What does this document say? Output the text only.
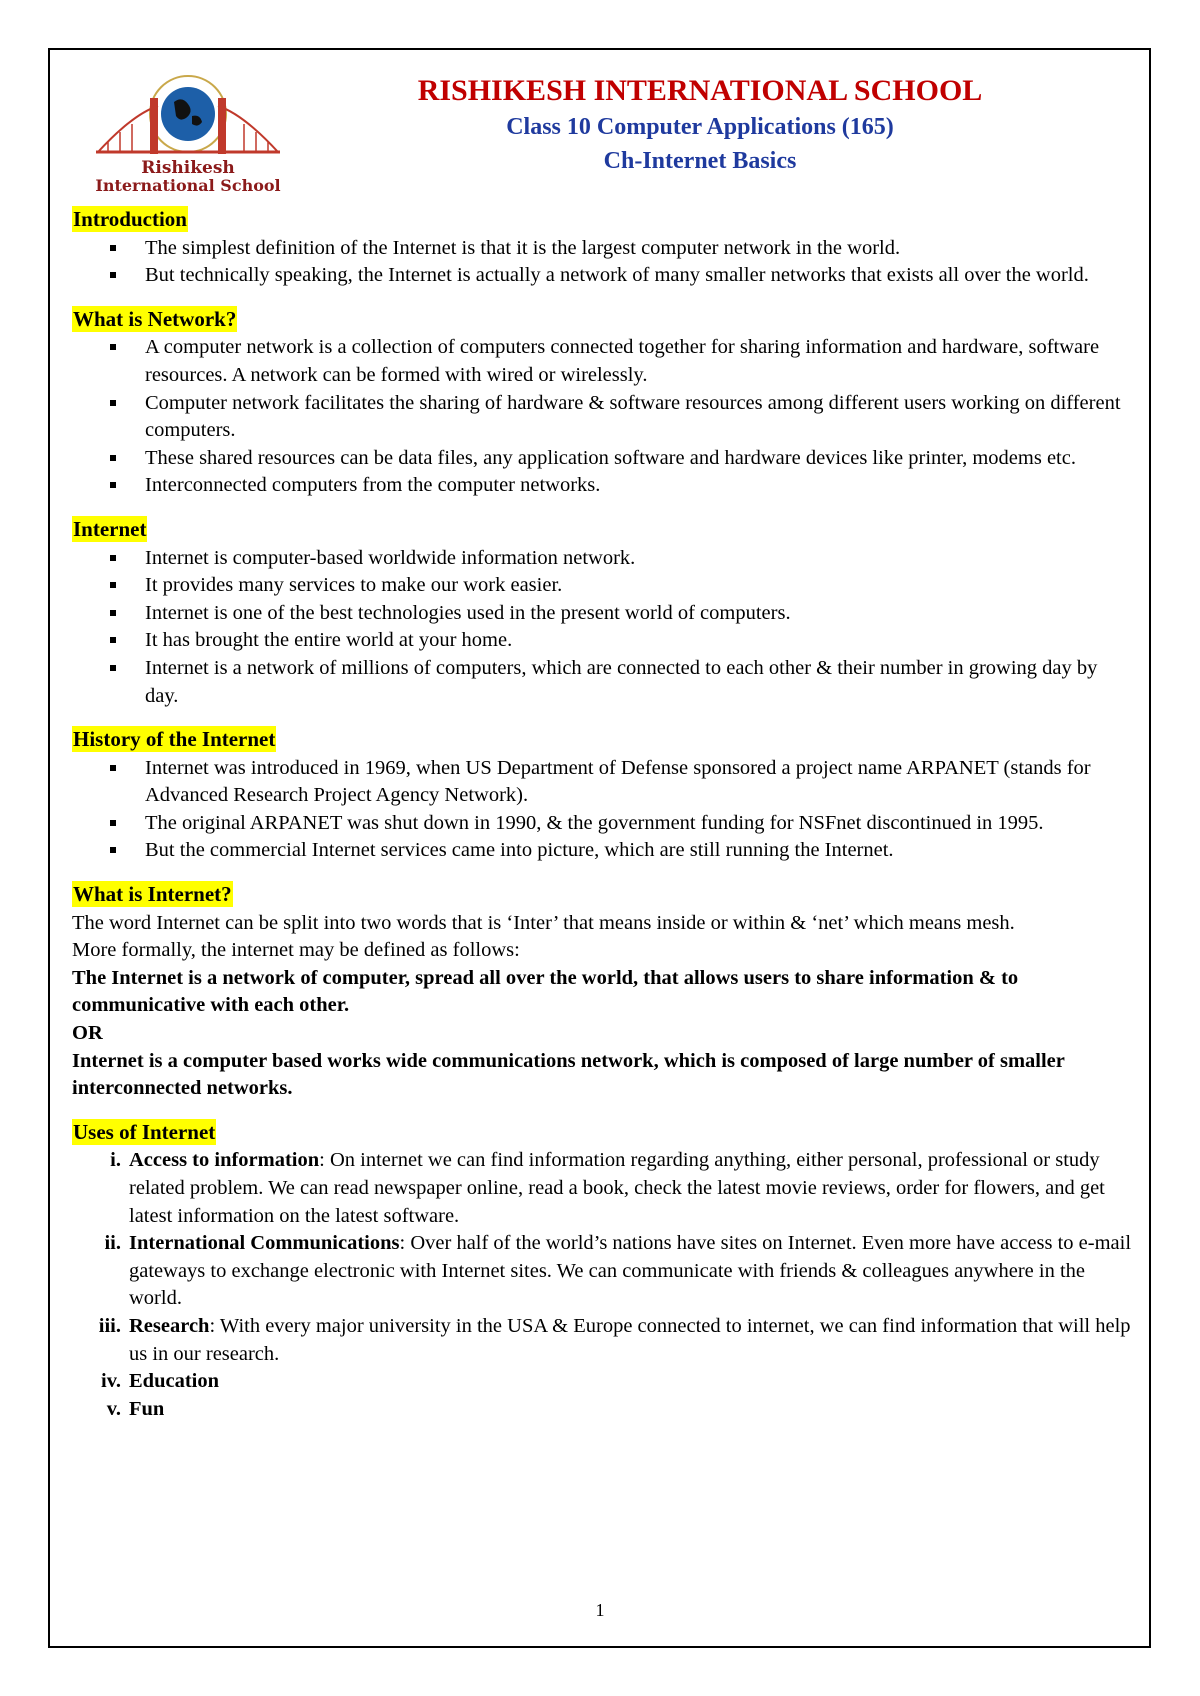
Rishikesh
International School
RISHIKESH INTERNATIONAL SCHOOL
Class 10 Computer Applications (165)
Ch-Internet Basics
Introduction
The simplest definition of the Internet is that it is the largest computer network in the world.
But technically speaking, the Internet is actually a network of many smaller networks that exists all over the world.
What is Network?
A computer network is a collection of computers connected together for sharing information and hardware, software resources. A network can be formed with wired or wirelessly.
Computer network facilitates the sharing of hardware & software resources among different users working on different computers.
These shared resources can be data files, any application software and hardware devices like printer, modems etc.
Interconnected computers from the computer networks.
Internet
Internet is computer-based worldwide information network.
It provides many services to make our work easier.
Internet is one of the best technologies used in the present world of computers.
It has brought the entire world at your home.
Internet is a network of millions of computers, which are connected to each other & their number in growing day by day.
History of the Internet
Internet was introduced in 1969, when US Department of Defense sponsored a project name ARPANET (stands for Advanced Research Project Agency Network).
The original ARPANET was shut down in 1990, & the government funding for NSFnet discontinued in 1995.
But the commercial Internet services came into picture, which are still running the Internet.
What is Internet?

The word Internet can be split into two words that is ‘Inter’ that means inside or within & ‘net’ which means mesh.

More formally, the internet may be defined as follows:

The Internet is a network of computer, spread all over the world, that allows users to share information & to communicative with each other.

OR

Internet is a computer based works wide communications network, which is composed of large number of smaller interconnected networks.

Uses of Internet
i. Access to information: On internet we can find information regarding anything, either personal, professional or study related problem. We can read newspaper online, read a book, check the latest movie reviews, order for flowers, and get latest information on the latest software.
ii. International Communications: Over half of the world’s nations have sites on Internet. Even more have access to e-mail gateways to exchange electronic with Internet sites. We can communicate with friends & colleagues anywhere in the world.
iii. Research: With every major university in the USA & Europe connected to internet, we can find information that will help us in our research.
iv. Education
v. Fun
1
